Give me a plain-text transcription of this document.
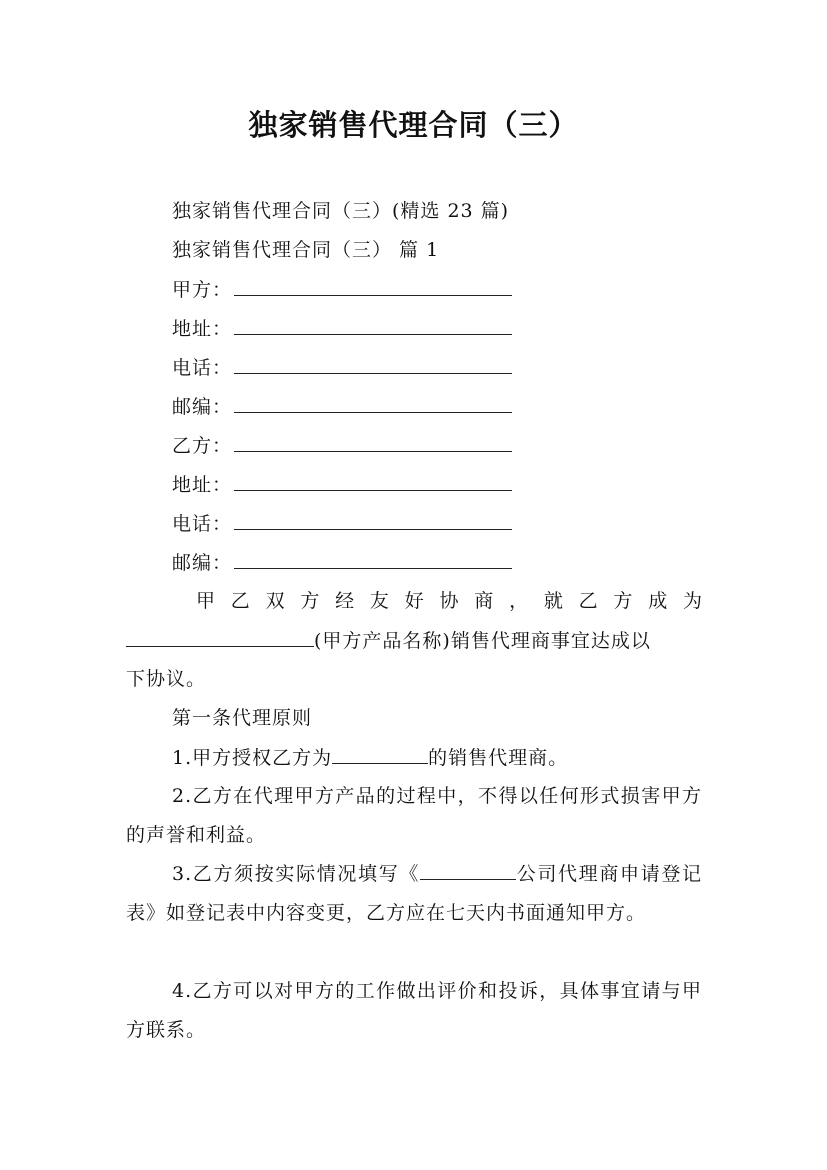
独家销售代理合同（三）
独家销售代理合同（三）(精选 23 篇)
独家销售代理合同（三） 篇 1
甲方：
地址：
电话：
邮编：
乙方：
地址：
电话：
邮编：
甲 乙 双 方 经 友 好 协 商 ， 就 乙 方 成 为
(甲方产品名称)销售代理商事宜达成以
下协议。
第一条代理原则
1.甲方授权乙方为	的销售代理商。
2.乙方在代理甲方产品的过程中，不得以任何形式损害甲方的声誉和利益。
3.乙方须按实际情况填写《	公司代理商申请登记表》如登记表中内容变更，乙方应在七天内书面通知甲方。
4.乙方可以对甲方的工作做出评价和投诉，具体事宜请与甲方联系。
